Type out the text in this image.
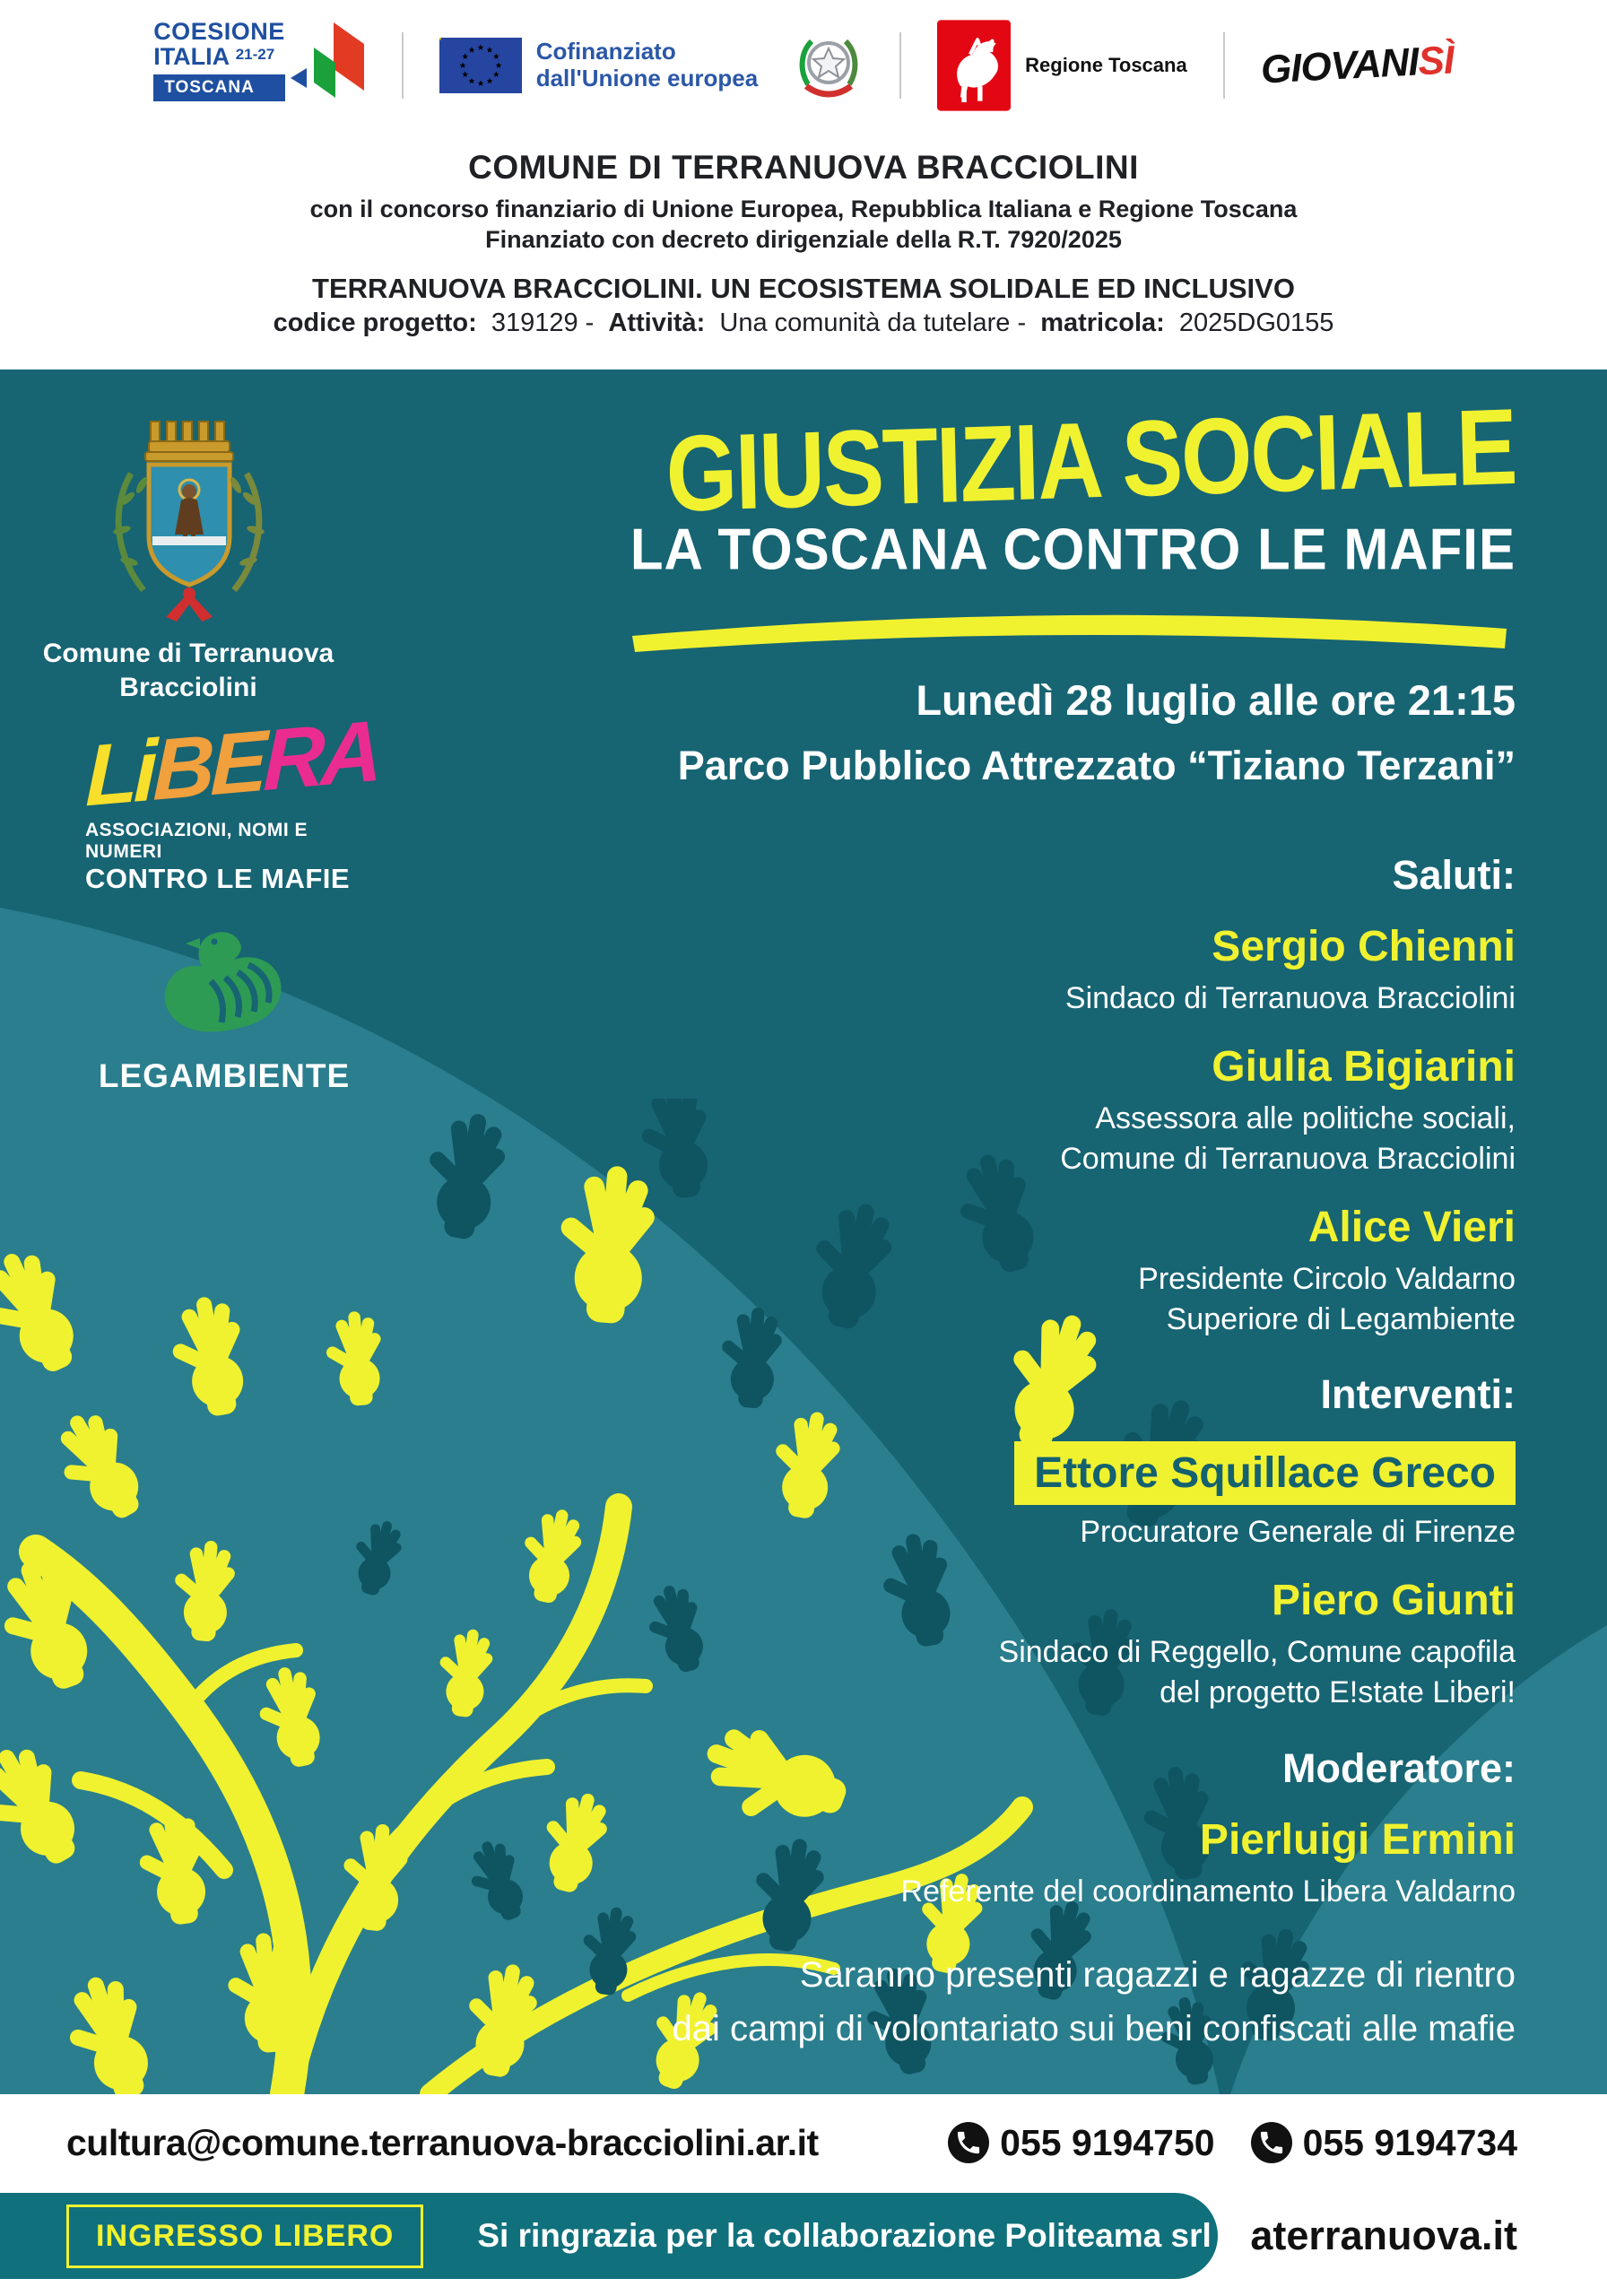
COESIONE
ITALIA $^{21-27}$
TOSCANA
Cofinanziato
dall'Unione europea	Regione Toscana GIOVANISÌ
COMUNE DI TERRANUOVA BRACCIOLINI
con il concorso finanziario di Unione Europea, Repubblica Italiana e Regione Toscana
Finanziato con decreto dirigenziale della R.T. 7920/2025
TERRANUOVA BRACCIOLINI. UN ECOSISTEMA SOLIDALE ED INCLUSIVO
codice progetto: 319129 - Attività: Una comunità da tutelare - matricola: 2025DG0155
Comune di Terranuova
Bracciolini
LiBERA
ASSOCIAZIONI, NOMI E NUMERI
CONTRO LE MAFIE
LEGAMBIENTE
GIUSTIZIA SOCIALE
LA TOSCANA CONTRO LE MAFIE
Lunedì 28 luglio alle ore 21:15
Parco Pubblico Attrezzato “Tiziano Terzani”
Saluti:
Sergio Chienni
Sindaco di Terranuova Bracciolini
Giulia Bigiarini
Assessora alle politiche sociali,
Comune di Terranuova Bracciolini
Alice Vieri
Presidente Circolo Valdarno
Superiore di Legambiente
Interventi:
Ettore Squillace Greco
Procuratore Generale di Firenze
Piero Giunti
Sindaco di Reggello, Comune capofila
del progetto E!state Liberi!
Moderatore:
Pierluigi Ermini
Referente del coordinamento Libera Valdarno
Saranno presenti ragazzi e ragazze di rientro
dai campi di volontariato sui beni confiscati alle mafie
cultura@comune.terranuova-bracciolini.ar.it	055 9194750 055 9194734
INGRESSO LIBERO	Si ringrazia per la collaborazione Politeama srl aterranuova.it
